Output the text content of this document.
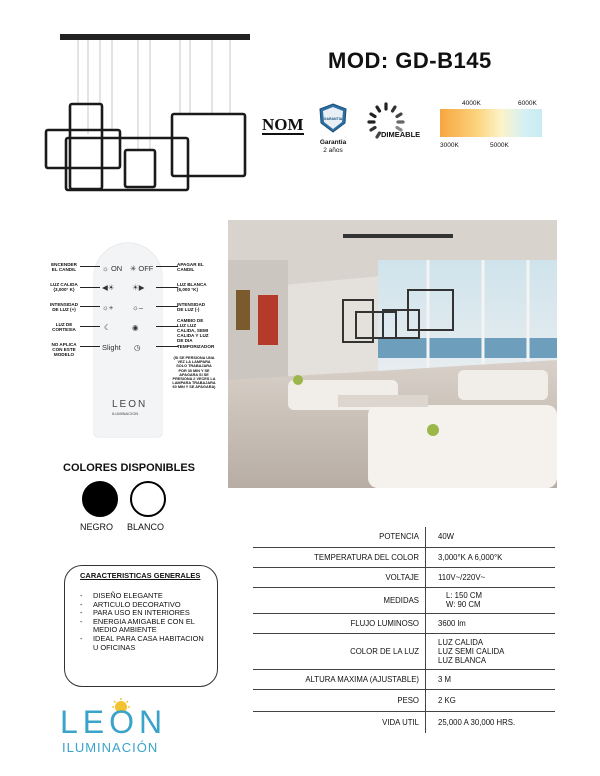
MOD: GD-B145
NOM	GARANTIA
Garantia
2 años
DIMEABLE
4000K	6000K
3000K	5000K
☼ ON ✳ OFF
◀☀ ☀▶
☼+ ☼–
☾	◉
Slight ◷
LEON
ILUMINACION
ENCENDER EL CANDIL
LUZ CALIDA (3,000° K)
INTENSIDAD DE LUZ (+)
LUZ DE CORTESIA
NO APLICA CON ESTE MODELO
APAGAR EL CANDIL
LUZ BLANCA (6,000 °K)
INTENSIDAD DE LUZ (-)
CAMBIO DE LUZ LUZ CALIDA, SEMI CALIDA Y LUZ DE DIA
TEMPORIZADOR
(SI SE PERSIONA UNA VEZ LA LAMPARA SOLO TRABAJARA POR 30 MIN Y SE APAGARA SI SE PRESIONA 2 VECES LA LAMPARA TRABAJARA 60 MIN Y SE APAGARA)
COLORES DISPONIBLES
NEGRO BLANCO
CARACTERISTICAS GENERALES
- DISEÑO ELEGANTE
- ARTICULO DECORATIVO
- PARA USO EN INTERIORES
- ENERGIA AMIGABLE CON EL MEDIO AMBIENTE
- IDEAL PARA CASA HABITACION U OFICINAS
POTENCIA	40W
TEMPERATURA DEL COLOR	3,000°K A 6,000°K
VOLTAJE	110V~/220V~
MEDIDAS	L: 150 CM
W: 90 CM

FLUJO LUMINOSO	3600 lm
COLOR DE LA LUZ	LUZ CALIDA
LUZ SEMI CALIDA
LUZ BLANCA

ALTURA MAXIMA (AJUSTABLE)	3 M
PESO	2 KG
VIDA UTIL	25,000 A 30,000 HRS.
LEON
ILUMINACIÓN
